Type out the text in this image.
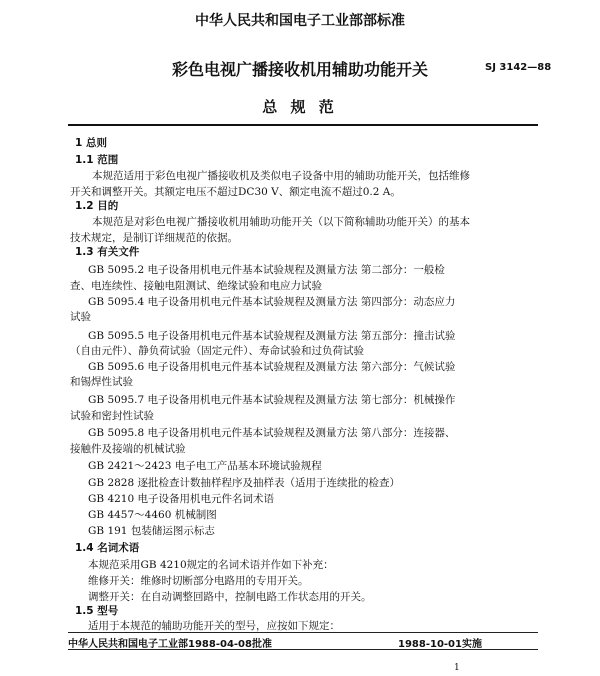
中华人民共和国电子工业部部标准
彩色电视广播接收机用辅助功能开关	SJ 3142—88
总 规 范
1 总则
1.1 范围
本规范适用于彩色电视广播接收机及类似电子设备中用的辅助功能开关，包括维修
开关和调整开关。其额定电压不超过DC30 V、额定电流不超过0.2 A。
1.2 目的
本规范是对彩色电视广播接收机用辅助功能开关（以下简称辅助功能开关）的基本
技术规定，是制订详细规范的依据。
1.3 有关文件
GB 5095.2 电子设备用机电元件基本试验规程及测量方法 第二部分：一般检
查、电连续性、接触电阻测试、绝缘试验和电应力试验
GB 5095.4 电子设备用机电元件基本试验规程及测量方法 第四部分：动态应力
试验
GB 5095.5 电子设备用机电元件基本试验规程及测量方法 第五部分：撞击试验
（自由元件）、静负荷试验（固定元件）、寿命试验和过负荷试验
GB 5095.6 电子设备用机电元件基本试验规程及测量方法 第六部分：气候试验
和锡焊性试验
GB 5095.7 电子设备用机电元件基本试验规程及测量方法 第七部分：机械操作
试验和密封性试验
GB 5095.8 电子设备用机电元件基本试验规程及测量方法 第八部分：连接器、
接触件及接端的机械试验
GB 2421～2423 电子电工产品基本环境试验规程
GB 2828 逐批检查计数抽样程序及抽样表（适用于连续批的检查）
GB 4210 电子设备用机电元件名词术语
GB 4457～4460 机械制图
GB 191 包装储运图示标志
1.4 名词术语
本规范采用GB 4210规定的名词术语并作如下补充：
维修开关：维修时切断部分电路用的专用开关。
调整开关：在自动调整回路中，控制电路工作状态用的开关。
1.5 型号
适用于本规范的辅助功能开关的型号，应按如下规定：
中华人民共和国电子工业部1988-04-08批准	1988-10-01实施
1
